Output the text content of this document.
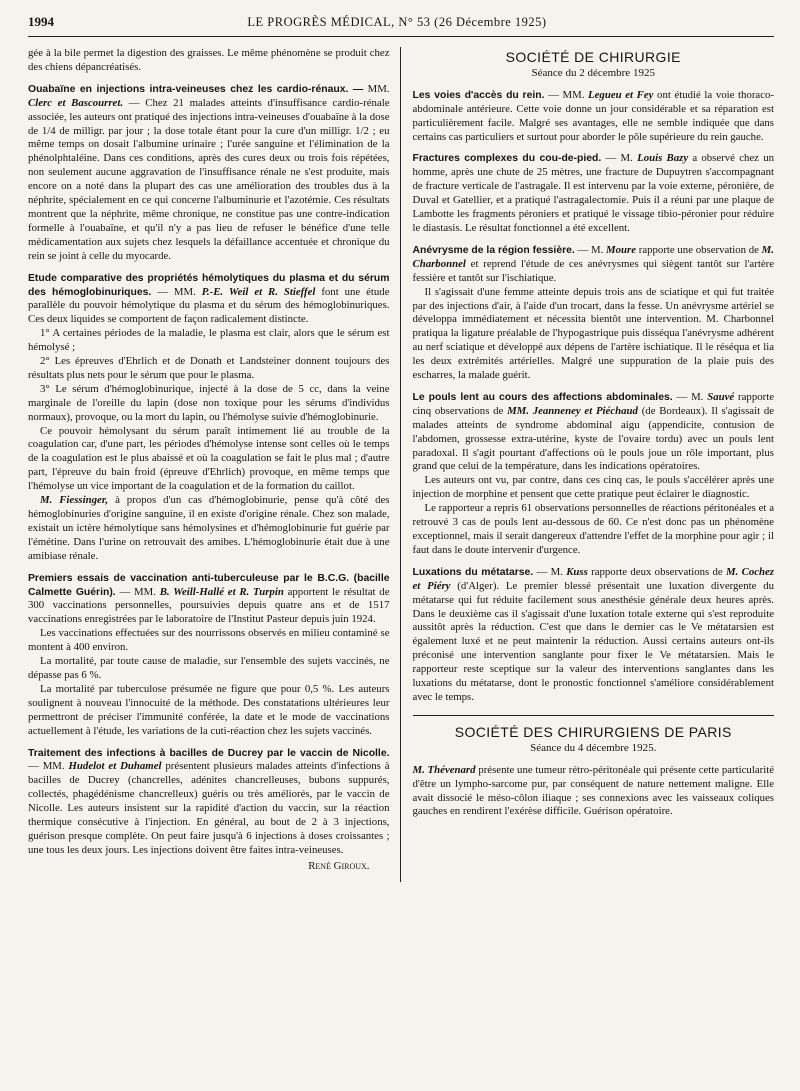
1994	LE PROGRÈS MÉDICAL, N° 53 (26 Décembre 1925)

gée à la bile permet la digestion des graisses. Le même phénomène se produit chez des chiens dépancréatisés.

Ouabaïne en injections intra-veineuses chez les cardio-rénaux. — MM. Clerc et Bascourret. — Chez 21 malades atteints d'insuffisance cardio-rénale associée, les auteurs ont pratiqué des injections intra-veineuses d'ouabaïne à la dose de 1/4 de milligr. par jour ; la dose totale étant pour la cure d'un milligr. 1/2 ; eu même temps on dosait l'albumine urinaire ; l'urée sanguine et l'élimination de la phénolphtaléine. Dans ces conditions, après des cures deux ou trois fois répétées, non seulement aucune aggravation de l'insuffisance rénale ne s'est produite, mais encore on a noté dans la plupart des cas une amélioration des troubles dus à la néphrite, spécialement en ce qui concerne l'albuminurie et l'azotémie. Ces résultats montrent que la néphrite, même chronique, ne constitue pas une contre-indication formelle à l'ouabaïne, et qu'il n'y a pas lieu de refuser le bénéfice d'une telle médicamentation aux sujets chez lesquels la défaillance accentuée et chronique du rein se joint à celle du myocarde.

Etude comparative des propriétés hémolytiques du plasma et du sérum des hémoglobinuriques. — MM. P.-E. Weil et R. Stieffel font une étude parallèle du pouvoir hémolytique du plasma et du sérum des hémoglobinuriques. Ces deux liquides se comportent de façon radicalement distincte.

1° A certaines périodes de la maladie, le plasma est clair, alors que le sérum est hémolysé ;

2° Les épreuves d'Ehrlich et de Donath et Landsteiner donnent toujours des résultats plus nets pour le sérum que pour le plasma.

3° Le sérum d'hémoglobinurique, injecté à la dose de 5 cc, dans la veine marginale de l'oreille du lapin (dose non toxique pour les sérums d'individus normaux), provoque, ou la mort du lapin, ou l'hémolyse suivie d'hémoglobinurie.

Ce pouvoir hémolysant du sérum paraît intimement lié au trouble de la coagulation car, d'une part, les périodes d'hémolyse intense sont celles où le temps de la coagulation est le plus abaissé et où la coagulation se fait le plus mal ; d'autre part, l'épreuve du bain froid (épreuve d'Ehrlich) provoque, en même temps que l'hémolyse un vice important de la coagulation et de la formation du caillot.

M. Fiessinger, à propos d'un cas d'hémoglobinurie, pense qu'à côté des hémoglobinuries d'origine sanguine, il en existe d'origine rénale. Chez son malade, existait un ictère hémolytique sans hémolysines et d'hémoglobinurie fut guérie par l'émétine. Dans l'urine on retrouvait des amibes. L'hémoglobinurie était due à une amibiase rénale.

Premiers essais de vaccination anti-tuberculeuse par le B.C.G. (bacille Calmette Guérin). — MM. B. Weill-Hallé et R. Turpin apportent le résultat de 300 vaccinations personnelles, poursuivies depuis quatre ans et de 1517 vaccinations enregistrées par le laboratoire de l'Institut Pasteur depuis juin 1924.

Les vaccinations effectuées sur des nourrissons observés en milieu contaminé se montent à 400 environ.

La mortalité, par toute cause de maladie, sur l'ensemble des sujets vaccinés, ne dépasse pas 6 %.

La mortalité par tuberculose présumée ne figure que pour 0,5 %. Les auteurs soulignent à nouveau l'innocuité de la méthode. Des constatations ultérieures leur permettront de préciser l'immunité conférée, la date et le mode de vaccinations actuellement à l'étude, les variations de la cuti-réaction chez les sujets vaccinés.

Traitement des infections à bacilles de Ducrey par le vaccin de Nicolle. — MM. Hudelot et Duhamel présentent plusieurs malades atteints d'infections à bacilles de Ducrey (chancrelles, adénites chancrelleuses, bubons suppurés, collectés, phagédénisme chancrelleux) guéris ou très améliorés, par le vaccin de Nicolle. Les auteurs insistent sur la rapidité d'action du vaccin, sur la réaction thermique consécutive à l'injection. En général, au bout de 2 à 3 injections, guérison presque complète. On peut faire jusqu'à 6 injections à doses croissantes ; une tous les deux jours. Les injections doivent être faites intra-veineuses.

René Giroux.
SOCIÉTÉ DE CHIRURGIE
Séance du 2 décembre 1925

Les voies d'accès du rein. — MM. Legueu et Fey ont étudié la voie thoraco-abdominale antérieure. Cette voie donne un jour considérable et sa réparation est particulièrement facile. Malgré ses avantages, elle ne semble indiquée que dans certains cas particuliers et surtout pour aborder le pôle supérieure du rein gauche.

Fractures complexes du cou-de-pied. — M. Louis Bazy a observé chez un homme, après une chute de 25 mètres, une fracture de Dupuytren s'accompagnant de fracture verticale de l'astragale. Il est intervenu par la voie externe, péronière, de Duval et Gatellier, et a pratiqué l'astragalectomie. Puis il a réuni par une plaque de Lambotte les fragments péroniers et pratiqué le vissage tibio-péronier pour réduire le diastasis. Le résultat fonctionnel a été excellent.

Anévrysme de la région fessière. — M. Moure rapporte une observation de M. Charbonnel et reprend l'étude de ces anévrysmes qui siègent tantôt sur l'artère fessière et tantôt sur l'ischiatique.

Il s'agissait d'une femme atteinte depuis trois ans de sciatique et qui fut traitée par des injections d'air, à l'aide d'un trocart, dans la fesse. Un anévrysme artériel se développa immédiatement et nécessita bientôt une intervention. M. Charbonnel pratiqua la ligature préalable de l'hypogastrique puis disséqua l'anévrysme adhérent au nerf sciatique et développé aux dépens de l'artère ischiatique. Il le réséqua et lia les deux extrémités artérielles. Malgré une suppuration de la plaie puis des escharres, la malade guérit.

Le pouls lent au cours des affections abdominales. — M. Sauvé rapporte cinq observations de MM. Jeanneney et Piéchaud (de Bordeaux). Il s'agissait de malades atteints de syndrome abdominal aigu (appendicite, contusion de l'abdomen, grossesse extra-utérine, kyste de l'ovaire tordu) avec un pouls lent paradoxal. Il s'agit pourtant d'affections où le pouls joue un rôle important, plus grand que celui de la température, dans les indications opératoires.

Les auteurs ont vu, par contre, dans ces cinq cas, le pouls s'accélérer après une injection de morphine et pensent que cette pratique peut éclairer le diagnostic.

Le rapporteur a repris 61 observations personnelles de réactions péritonéales et a retrouvé 3 cas de pouls lent au-dessous de 60. Ce n'est donc pas un phénomène exceptionnel, mais il serait dangereux d'attendre l'effet de la morphine pour agir ; il faut dans le doute intervenir d'urgence.

Luxations du métatarse. — M. Kuss rapporte deux observations de M. Cochez et Piéry (d'Alger). Le premier blessé présentait une luxation divergente du métatarse qui fut réduite facilement sous anesthésie générale deux heures après. Dans le deuxième cas il s'agissait d'une luxation totale externe qui s'est reproduite aussitôt après la réduction. C'est que dans le dernier cas le Ve métatarsien est également luxé et ne peut maintenir la réduction. Aussi certains auteurs ont-ils préconisé une intervention sanglante pour fixer le Ve métatarsien. Mais le rapporteur reste sceptique sur la valeur des interventions sanglantes dans les luxations du métatarse, dont le pronostic fonctionnel s'améliore considérablement avec le temps.

SOCIÉTÉ DES CHIRURGIENS DE PARIS
Séance du 4 décembre 1925.

M. Thévenard présente une tumeur rétro-péritonéale qui présente cette particularité d'être un lympho-sarcome pur, par conséquent de nature nettement maligne. Elle avait dissocié le méso-côlon iliaque ; ses connexions avec les vaisseaux coliques gauches en rendirent l'exérèse difficile. Guérison opératoire.
